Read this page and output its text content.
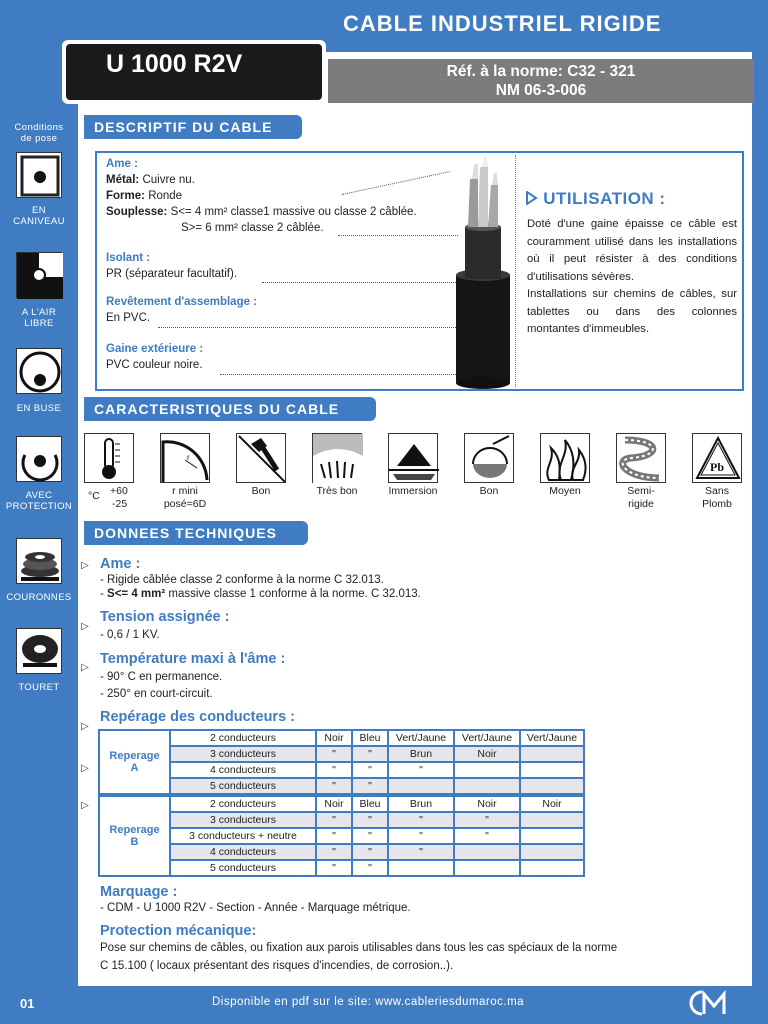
CABLE INDUSTRIEL RIGIDE
U 1000 R2V	Réf. à la norme: C32 - 321
NM 06-3-006
Conditions
de pose
EN
CANIVEAU
A L'AIR
LIBRE
EN BUSE
AVEC
PROTECTION
COURONNES
TOURET
DESCRIPTIF DU CABLE
Ame :
Métal: Cuivre nu.
Forme: Ronde
Souplesse: S<= 4 mm² classe1 massive ou classe 2 câblée.
S>= 6 mm² classe 2 câblée.
Isolant :
PR (séparateur facultatif).
Revêtement d'assemblage :
En PVC.
Gaine extérieure :
PVC couleur noire.
UTILISATION :
Doté d'une gaine épaisse ce câble est couramment utilisé dans les installations où il peut résister à des conditions d'utilisations sévères.
Installations sur chemins de câbles, sur tablettes ou dans des colonnes montantes d'immeubles.
CARACTERISTIQUES DU CABLE
°C +60
-25
r
r mini
posé=6D
Bon	Très bon	Immersion	Bon	Moyen	Semi-
rigide
Pb
Sans
Plomb
DONNEES TECHNIQUES
▷ Ame :
- Rigide câblée classe 2 conforme à la norme C 32.013.
- S<= 4 mm² massive classe 1 conforme à la norme. C 32.013.
▷
Tension assignée :
- 0,6 / 1 KV.
▷
Température maxi à l'âme :
- 90° C en permanence.
- 250° en court-circuit.
▷
Repérage des conducteurs :
▷
▷
Reperage
A	2 conducteurs	Noir	Bleu	Vert/Jaune	Vert/Jaune	Vert/Jaune
	3 conducteurs	"	"	Brun	Noir	
	4 conducteurs	"	"	"		
	5 conducteurs	"	"			
Reperage
B	2 conducteurs	Noir	Bleu	Brun	Noir	Noir
	3 conducteurs	"	"	"	"	
	3 conducteurs + neutre	"	"	"	"	
	4 conducteurs	"	"	"		
	5 conducteurs	"	"			
Marquage :
- CDM - U 1000 R2V - Section - Année - Marquage métrique.
Protection mécanique:
Pose sur chemins de câbles, ou fixation aux parois utilisables dans tous les cas spéciaux de la norme
C 15.100 ( locaux présentant des risques d'incendies, de corrosion..).
01	Disponible en pdf sur le site: www.cableriesdumaroc.ma
